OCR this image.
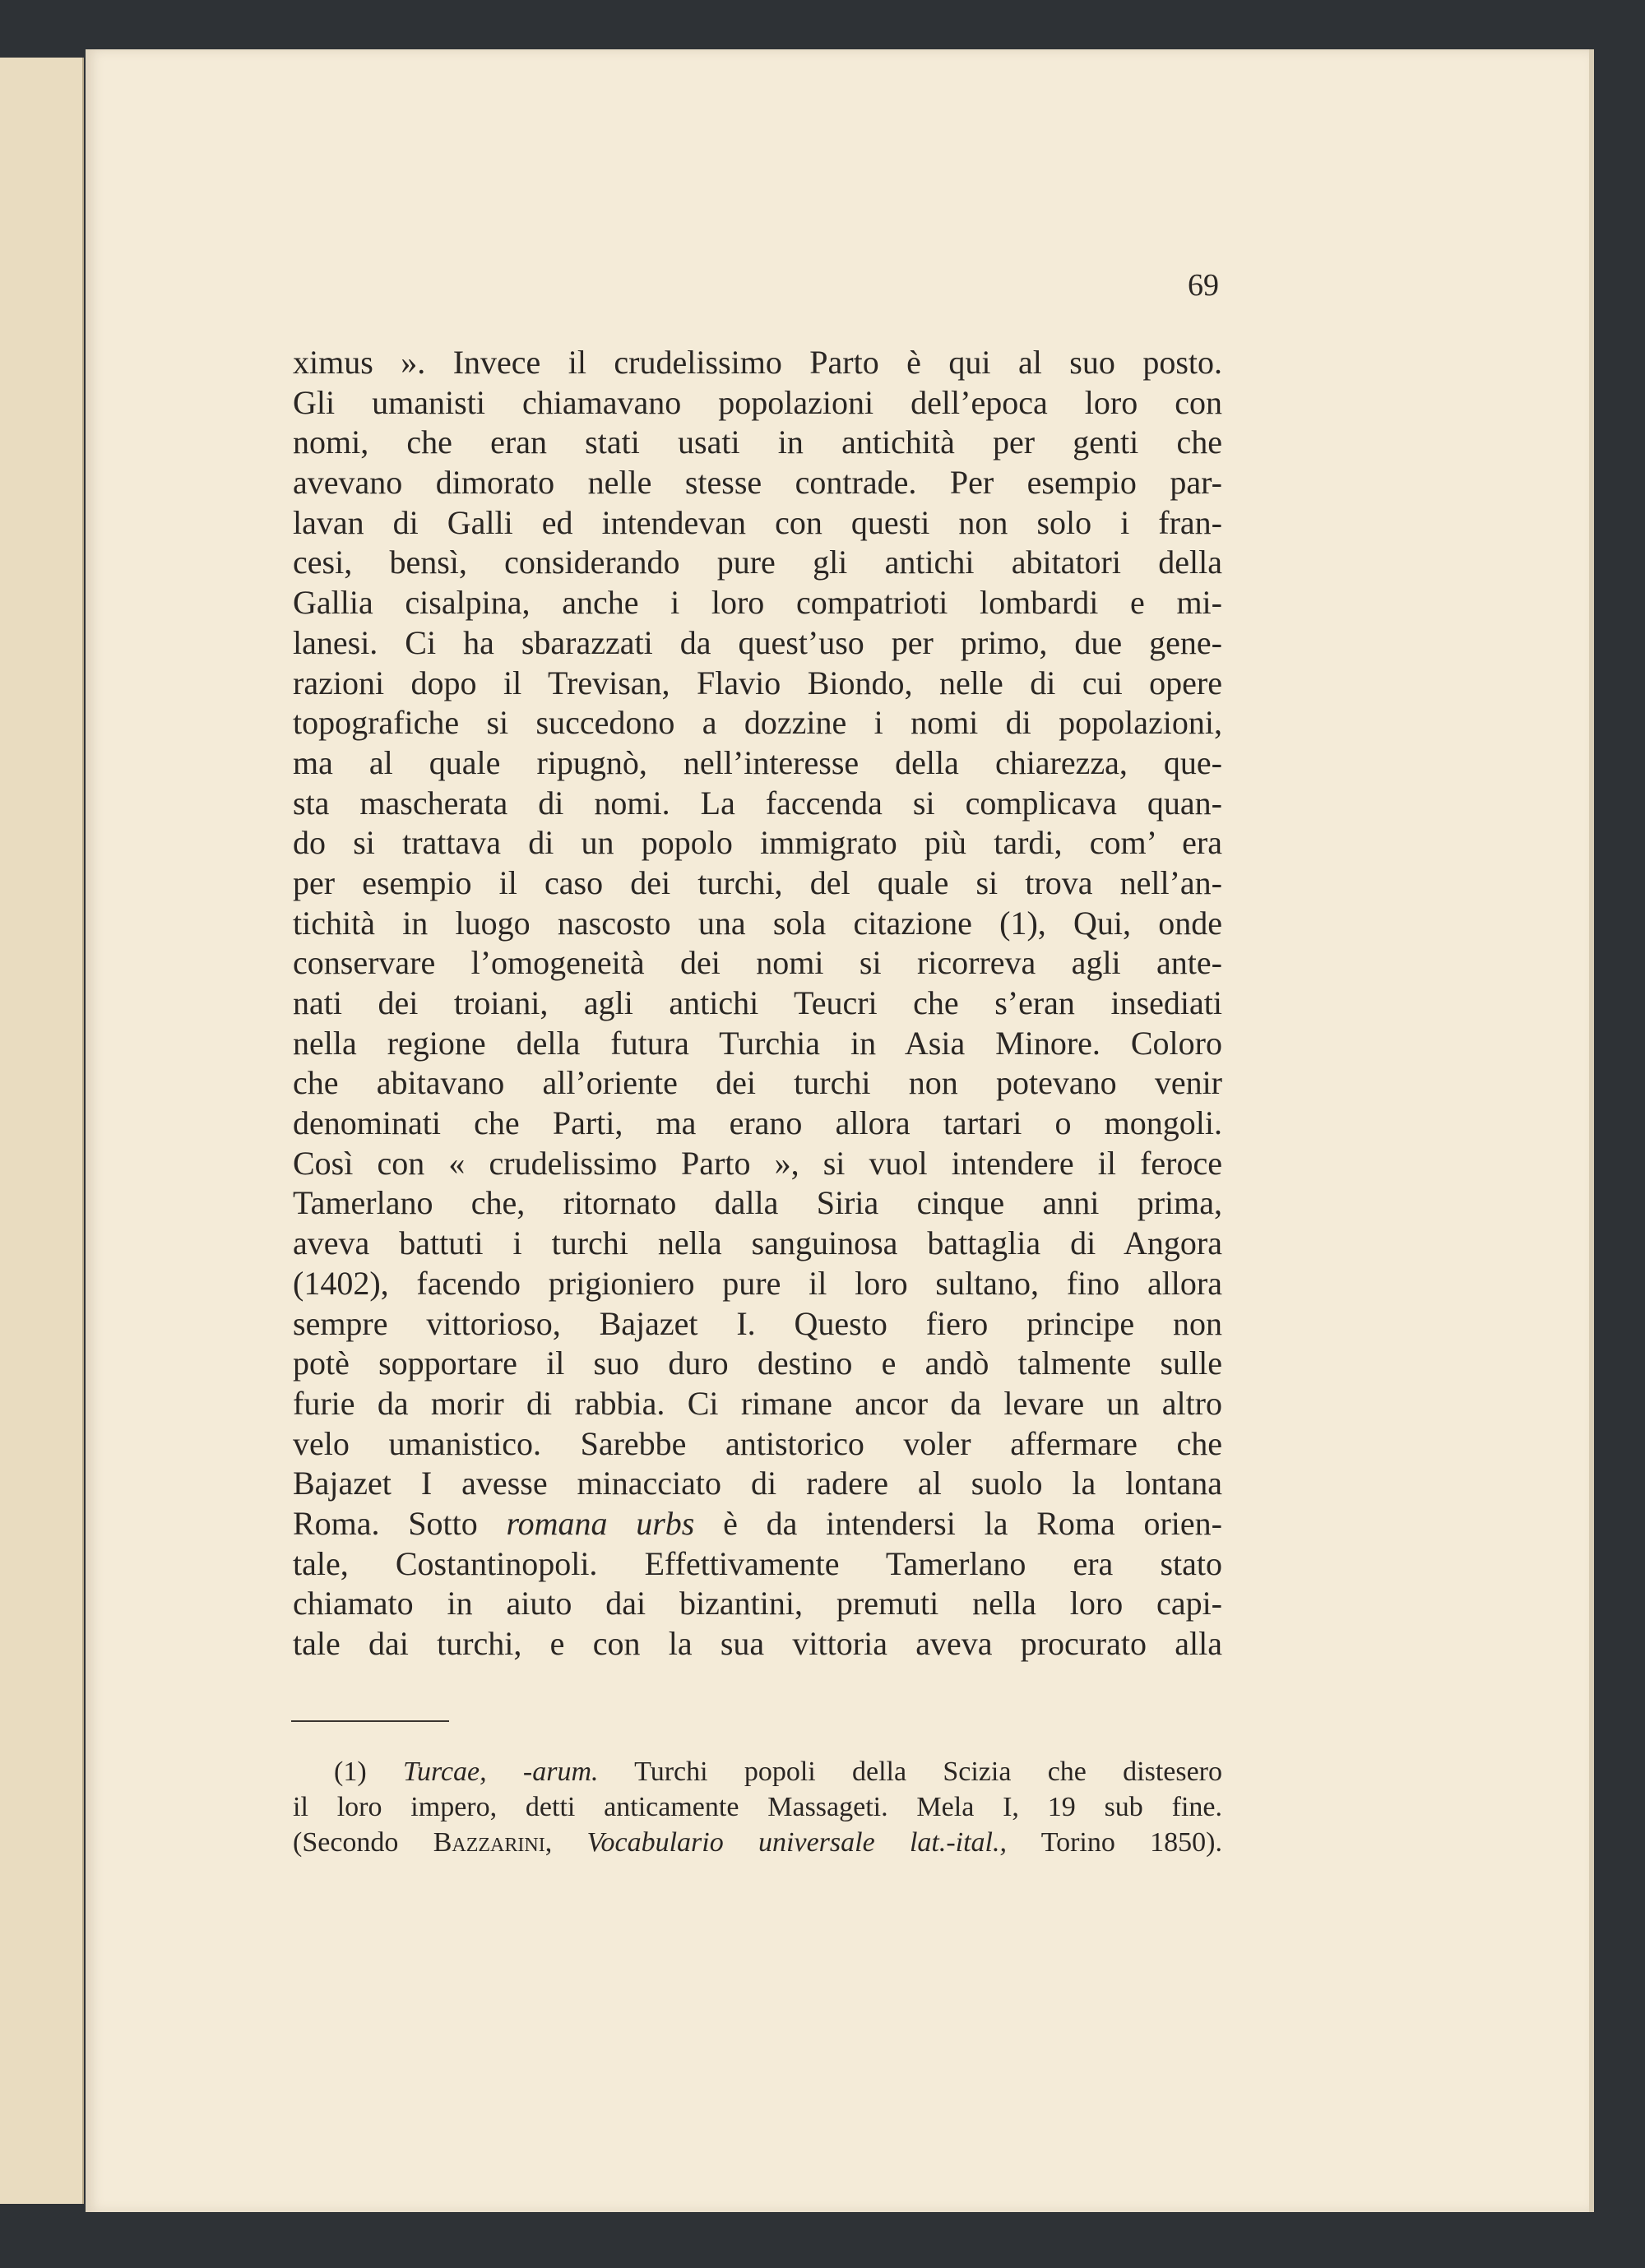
69
ximus ». Invece il crudelissimo Parto è qui al suo posto.
Gli umanisti chiamavano popolazioni dell’epoca loro con
nomi, che eran stati usati in antichità per genti che
avevano dimorato nelle stesse contrade. Per esempio par-
lavan di Galli ed intendevan con questi non solo i fran-
cesi, bensì, considerando pure gli antichi abitatori della
Gallia cisalpina, anche i loro compatrioti lombardi e mi-
lanesi. Ci ha sbarazzati da quest’uso per primo, due gene-
razioni dopo il Trevisan, Flavio Biondo, nelle di cui opere
topografiche si succedono a dozzine i nomi di popolazioni,
ma al quale ripugnò, nell’interesse della chiarezza, que-
sta mascherata di nomi. La faccenda si complicava quan-
do si trattava di un popolo immigrato più tardi, com’ era
per esempio il caso dei turchi, del quale si trova nell’an-
tichità in luogo nascosto una sola citazione (1), Qui, onde
conservare l’omogeneità dei nomi si ricorreva agli ante-
nati dei troiani, agli antichi Teucri che s’eran insediati
nella regione della futura Turchia in Asia Minore. Coloro
che abitavano all’oriente dei turchi non potevano venir
denominati che Parti, ma erano allora tartari o mongoli.
Così con « crudelissimo Parto », si vuol intendere il feroce
Tamerlano che, ritornato dalla Siria cinque anni prima,
aveva battuti i turchi nella sanguinosa battaglia di Angora
(1402), facendo prigioniero pure il loro sultano, fino allora
sempre vittorioso, Bajazet I. Questo fiero principe non
potè sopportare il suo duro destino e andò talmente sulle
furie da morir di rabbia. Ci rimane ancor da levare un altro
velo umanistico. Sarebbe antistorico voler affermare che
Bajazet I avesse minacciato di radere al suolo la lontana
Roma. Sotto romana urbs è da intendersi la Roma orien-
tale, Costantinopoli. Effettivamente Tamerlano era stato
chiamato in aiuto dai bizantini, premuti nella loro capi-
tale dai turchi, e con la sua vittoria aveva procurato alla
(1) Turcae, -arum. Turchi popoli della Scizia che distesero
il loro impero, detti anticamente Massageti. Mela I, 19 sub fine.
(Secondo Bazzarini, Vocabulario universale lat.-ital., Torino 1850).
